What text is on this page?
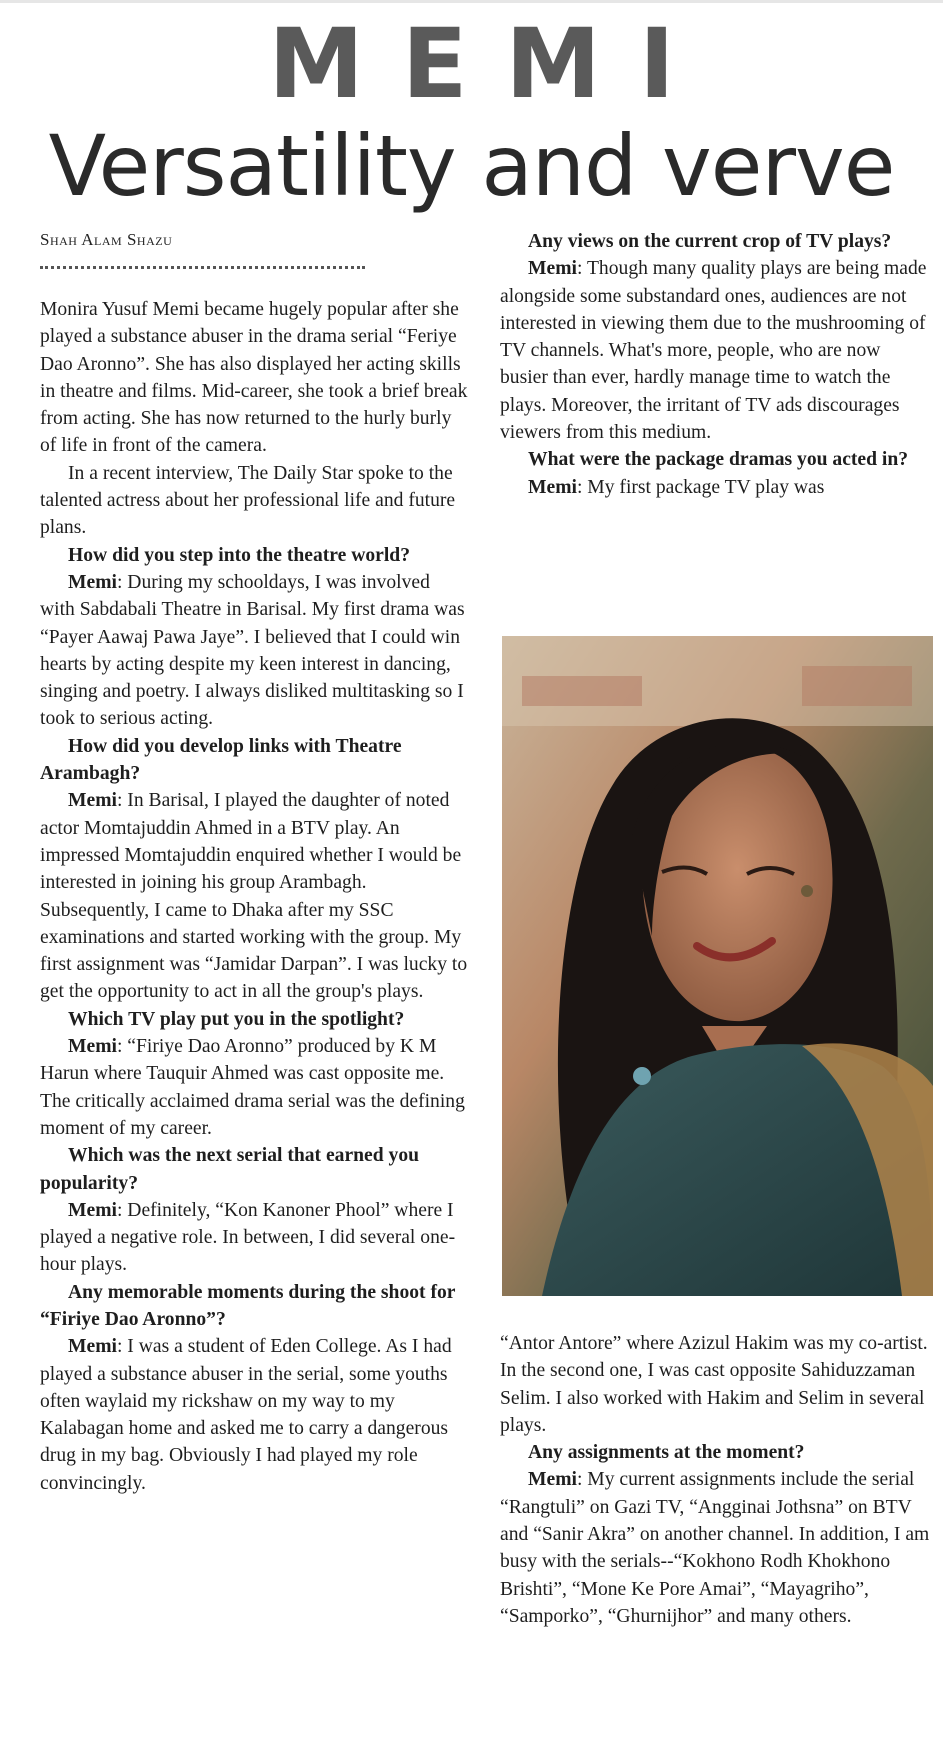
MEMI
Versatility and verve
Shah Alam Shazu

Monira Yusuf Memi became hugely popular after she played a substance abuser in the drama serial “Feriye Dao Aronno”. She has also displayed her acting skills in theatre and films. Mid-career, she took a brief break from acting. She has now returned to the hurly burly of life in front of the camera.

In a recent interview, The Daily Star spoke to the talented actress about her professional life and future plans.

How did you step into the theatre world?

Memi: During my schooldays, I was involved with Sabdabali Theatre in Barisal. My first drama was “Payer Aawaj Pawa Jaye”. I believed that I could win hearts by acting despite my keen interest in dancing, singing and poetry. I always disliked multitasking so I took to serious acting.

How did you develop links with Theatre Arambagh?

Memi: In Barisal, I played the daughter of noted actor Momtajuddin Ahmed in a BTV play. An impressed Momtajuddin enquired whether I would be interested in joining his group Arambagh. Subsequently, I came to Dhaka after my SSC examinations and started working with the group. My first assignment was “Jamidar Darpan”. I was lucky to get the opportunity to act in all the group's plays.

Which TV play put you in the spotlight?

Memi: “Firiye Dao Aronno” produced by K M Harun where Tauquir Ahmed was cast opposite me. The critically acclaimed drama serial was the defining moment of my career.

Which was the next serial that earned you popularity?

Memi: Definitely, “Kon Kanoner Phool” where I played a negative role. In between, I did several one-hour plays.

Any memorable moments during the shoot for “Firiye Dao Aronno”?

Memi: I was a student of Eden College. As I had played a substance abuser in the serial, some youths often waylaid my rickshaw on my way to my Kalabagan home and asked me to carry a dangerous drug in my bag. Obviously I had played my role convincingly.

Any views on the current crop of TV plays?

Memi: Though many quality plays are being made alongside some substandard ones, audiences are not interested in viewing them due to the mushrooming of TV channels. What's more, people, who are now busier than ever, hardly manage time to watch the plays. Moreover, the irritant of TV ads discourages viewers from this medium.

What were the package dramas you acted in?

Memi: My first package TV play was

“Antor Antore” where Azizul Hakim was my co-artist. In the second one, I was cast opposite Sahiduzzaman Selim. I also worked with Hakim and Selim in several plays.

Any assignments at the moment?

Memi: My current assignments include the serial “Rangtuli” on Gazi TV, “Angginai Jothsna” on BTV and “Sanir Akra” on another channel. In addition, I am busy with the serials--“Kokhono Rodh Khokhono Brishti”, “Mone Ke Pore Amai”, “Mayagriho”, “Samporko”, “Ghurnijhor” and many others.
